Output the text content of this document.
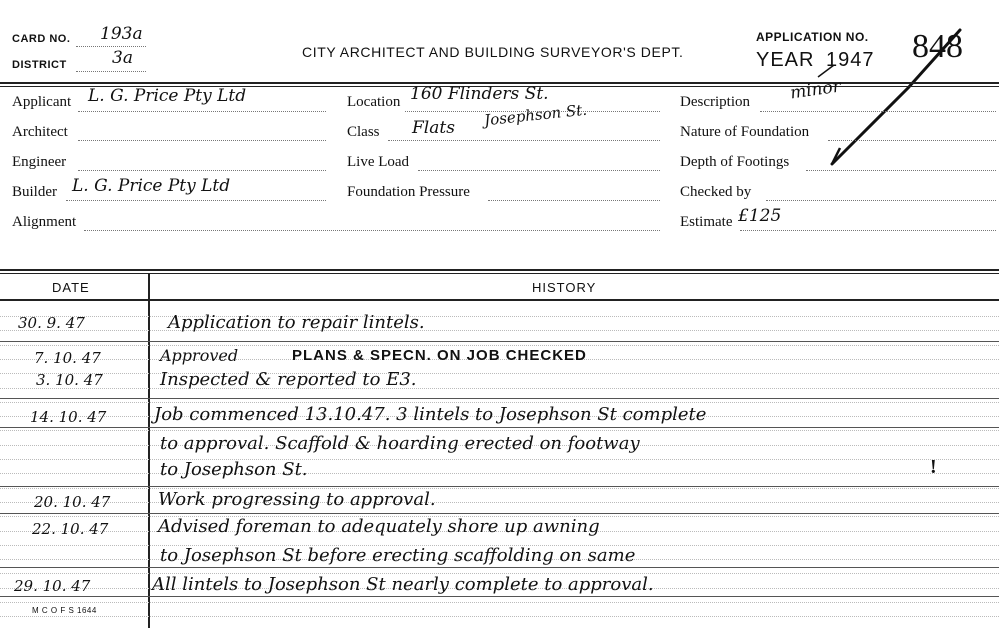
CARD NO. 193a
DISTRICT	3a	CITY ARCHITECT AND BUILDING SURVEYOR'S DEPT.
APPLICATION NO.
YEAR 1947 848
Applicant L. G. Price Pty Ltd
Architect
Engineer
Builder L. G. Price Pty Ltd
Alignment
Location 160 Flinders St.
Josephson St.
Class Flats
Live Load
Foundation Pressure
Description minor
Nature of Foundation
Depth of Footings
Checked by
Estimate £125
DATE	HISTORY
30. 9. 47	Application to repair lintels.
7. 10. 47	Approved	PLANS & SPECN. ON JOB CHECKED
3. 10. 47	Inspected & reported to E3.
14. 10. 47	Job commenced 13.10.47. 3 lintels to Josephson St complete
to approval. Scaffold & hoarding erected on footway
to Josephson St.	!
20. 10. 47	Work progressing to approval.
22. 10. 47	Advised foreman to adequately shore up awning
to Josephson St before erecting scaffolding on same
29. 10. 47	All lintels to Josephson St nearly complete to approval.
M C O F S 1644
